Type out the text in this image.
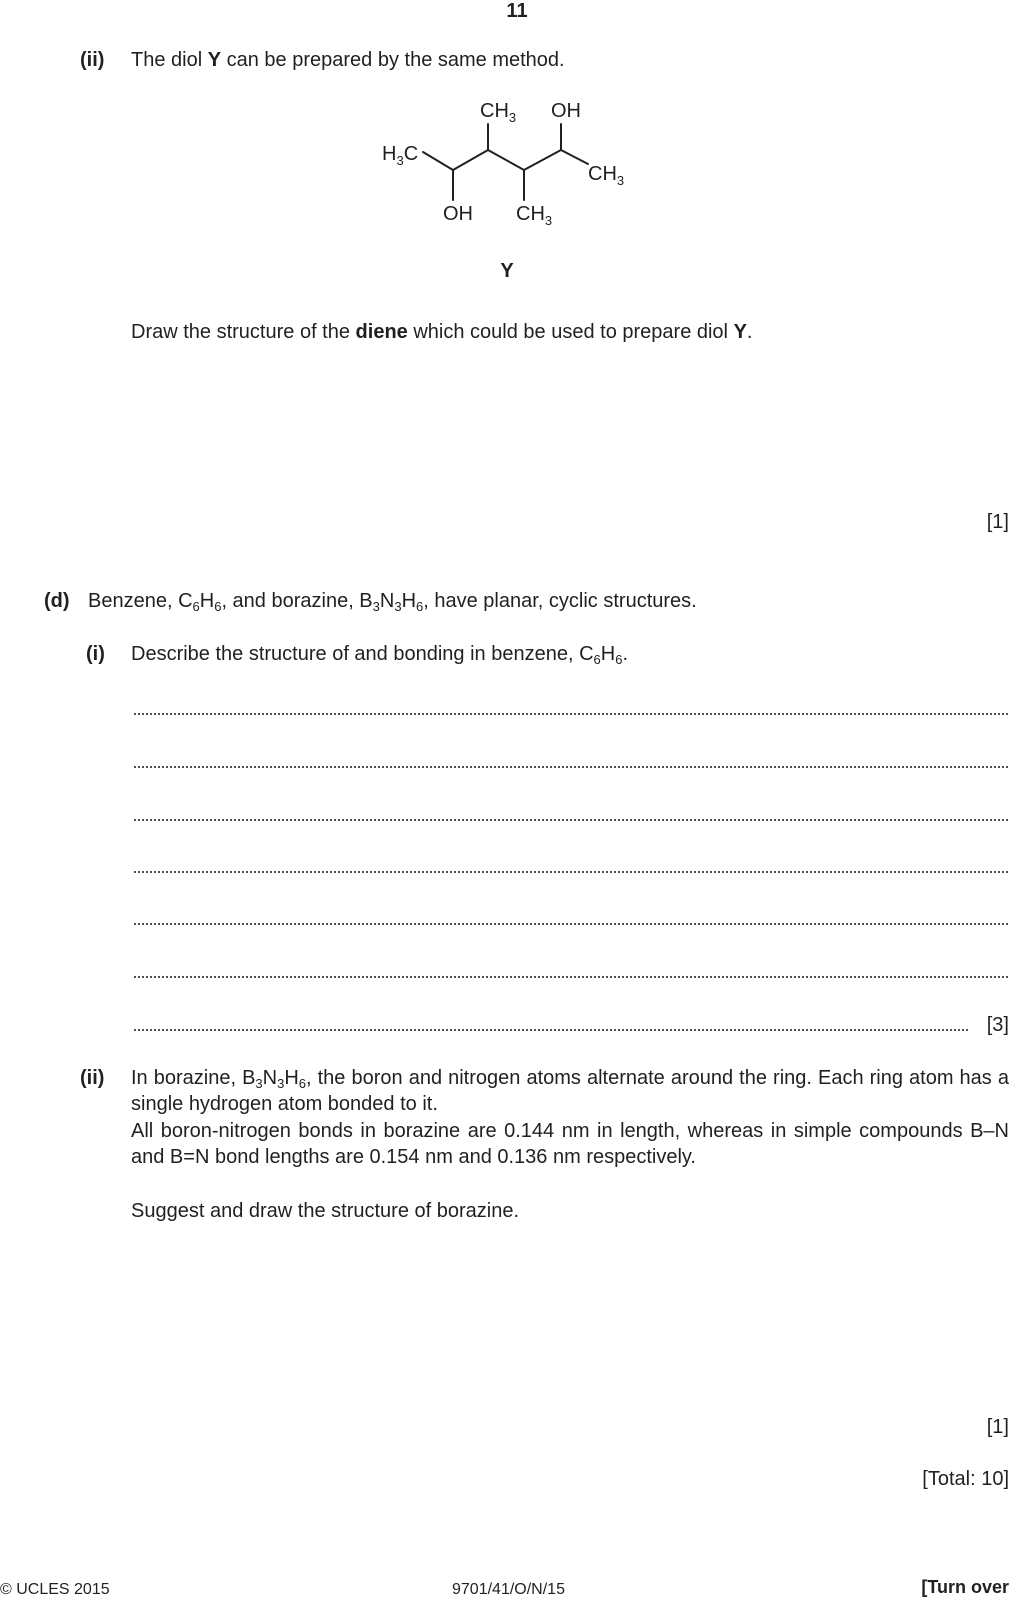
11
(ii) The diol Y can be prepared by the same method.
$H_3C$
$CH_3$ OH
$CH_3$
OH $CH_3$
Y
Draw the structure of the diene which could be used to prepare diol Y.
[1]
(d) Benzene, $C_6H_6$, and borazine, $B_3N_3H_6$, have planar, cyclic structures.
(i) Describe the structure of and bonding in benzene, $C_6H_6$.
[3]
(ii) In borazine, $B_3N_3H_6$, the boron and nitrogen atoms alternate around the ring. Each ring atom has a single hydrogen atom bonded to it.
All boron-nitrogen bonds in borazine are 0.144 nm in length, whereas in simple compounds B–N and B=N bond lengths are 0.154 nm and 0.136 nm respectively.
Suggest and draw the structure of borazine.
[1]
[Total: 10]
© UCLES 2015	9701/41/O/N/15	[Turn over
